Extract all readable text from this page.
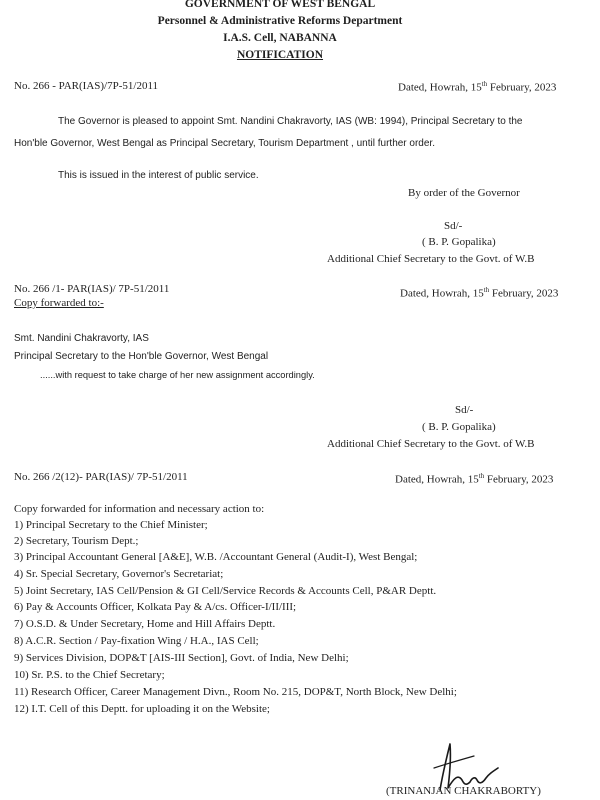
GOVERNMENT OF WEST BENGAL
Personnel & Administrative Reforms Department
I.A.S. Cell, NABANNA
NOTIFICATION
No. 266 - PAR(IAS)/7P-51/2011	Dated, Howrah, 15th February, 2023
The Governor is pleased to appoint Smt. Nandini Chakravorty, IAS (WB: 1994), Principal Secretary to the
Hon'ble Governor, West Bengal as Principal Secretary, Tourism Department , until further order.
This is issued in the interest of public service.
By order of the Governor
Sd/-
( B. P. Gopalika)
Additional Chief Secretary to the Govt. of W.B
No. 266 /1- PAR(IAS)/ 7P-51/2011	Dated, Howrah, 15th February, 2023
Copy forwarded to:-
Smt. Nandini Chakravorty, IAS
Principal Secretary to the Hon'ble Governor, West Bengal
......with request to take charge of her new assignment accordingly.
Sd/-
( B. P. Gopalika)
Additional Chief Secretary to the Govt. of W.B
No. 266 /2(12)- PAR(IAS)/ 7P-51/2011	Dated, Howrah, 15th February, 2023
Copy forwarded for information and necessary action to:
1) Principal Secretary to the Chief Minister;
2) Secretary, Tourism Dept.;
3) Principal Accountant General [A&E], W.B. /Accountant General (Audit-I), West Bengal;
4) Sr. Special Secretary, Governor's Secretariat;
5) Joint Secretary, IAS Cell/Pension & GI Cell/Service Records & Accounts Cell, P&AR Deptt.
6) Pay & Accounts Officer, Kolkata Pay & A/cs. Officer-I/II/III;
7) O.S.D. & Under Secretary, Home and Hill Affairs Deptt.
8) A.C.R. Section / Pay-fixation Wing / H.A., IAS Cell;
9) Services Division, DOP&T [AIS-III Section], Govt. of India, New Delhi;
10) Sr. P.S. to the Chief Secretary;
11) Research Officer, Career Management Divn., Room No. 215, DOP&T, North Block, New Delhi;
12) I.T. Cell of this Deptt. for uploading it on the Website;
(TRINANJAN CHAKRABORTY)
